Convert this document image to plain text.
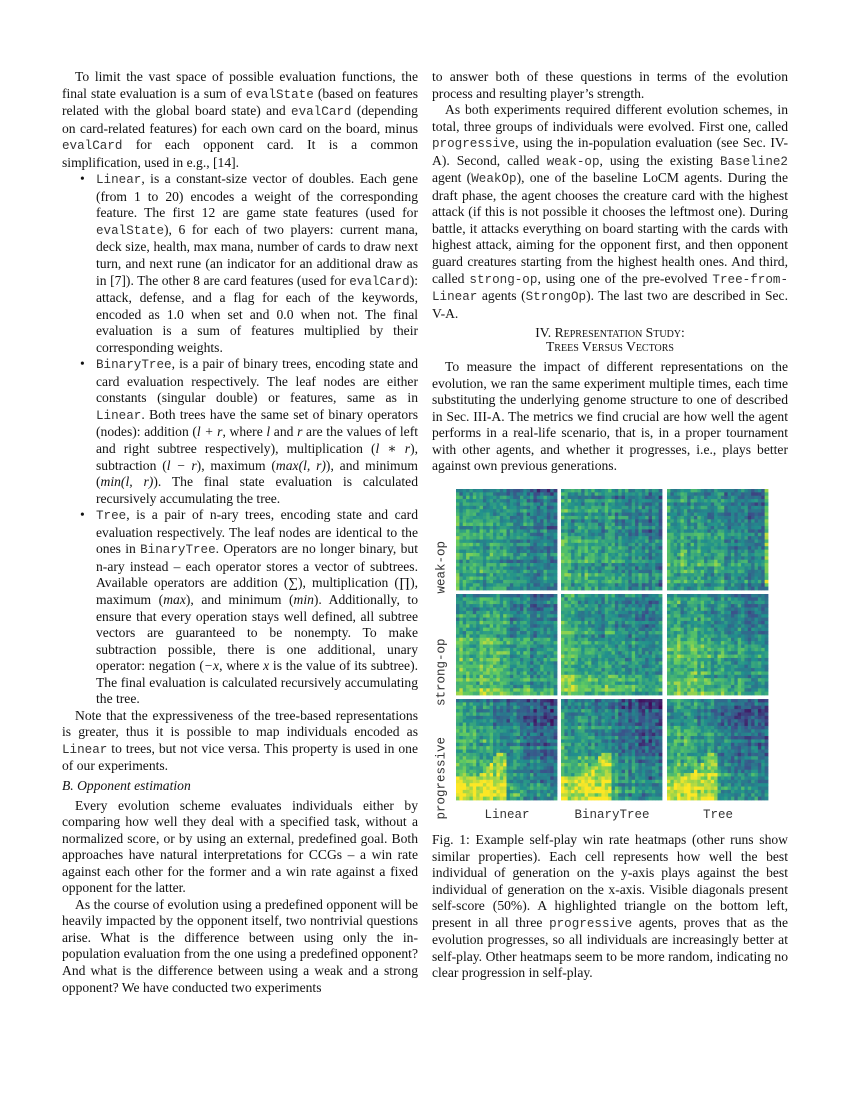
To limit the vast space of possible evaluation functions, the final state evaluation is a sum of evalState (based on features related with the global board state) and evalCard (depending on card-related features) for each own card on the board, minus evalCard for each opponent card. It is a common simplification, used in e.g., [14].

• Linear, is a constant-size vector of doubles. Each gene (from 1 to 20) encodes a weight of the corresponding feature. The first 12 are game state features (used for evalState), 6 for each of two players: current mana, deck size, health, max mana, number of cards to draw next turn, and next rune (an indicator for an additional draw as in [7]). The other 8 are card features (used for evalCard): attack, defense, and a flag for each of the keywords, encoded as 1.0 when set and 0.0 when not. The final evaluation is a sum of features multiplied by their corresponding weights.
• BinaryTree, is a pair of binary trees, encoding state and card evaluation respectively. The leaf nodes are either constants (singular double) or features, same as in Linear. Both trees have the same set of binary operators (nodes): addition (l + r, where l and r are the values of left and right subtree respectively), multiplication (l ∗ r), subtraction (l − r), maximum (max(l, r)), and minimum (min(l, r)). The final state evaluation is calculated recursively accumulating the tree.
• Tree, is a pair of n-ary trees, encoding state and card evaluation respectively. The leaf nodes are identical to the ones in BinaryTree. Operators are no longer binary, but n-ary instead – each operator stores a vector of subtrees. Available operators are addition (∑), multiplication (∏), maximum (max), and minimum (min). Additionally, to ensure that every operation stays well defined, all subtree vectors are guaranteed to be nonempty. To make subtraction possible, there is one additional, unary operator: negation (−x, where x is the value of its subtree). The final evaluation is calculated recursively accumulating the tree.

Note that the expressiveness of the tree-based representations is greater, thus it is possible to map individuals encoded as Linear to trees, but not vice versa. This property is used in one of our experiments.

B. Opponent estimation

Every evolution scheme evaluates individuals either by comparing how well they deal with a specified task, without a normalized score, or by using an external, predefined goal. Both approaches have natural interpretations for CCGs – a win rate against each other for the former and a win rate against a fixed opponent for the latter.

As the course of evolution using a predefined opponent will be heavily impacted by the opponent itself, two nontrivial questions arise. What is the difference between using only the in-population evaluation from the one using a predefined opponent? And what is the difference between using a weak and a strong opponent? We have conducted two experiments

to answer both of these questions in terms of the evolution process and resulting player’s strength.

As both experiments required different evolution schemes, in total, three groups of individuals were evolved. First one, called progressive, using the in-population evaluation (see Sec. IV-A). Second, called weak-op, using the existing Baseline2 agent (WeakOp), one of the baseline LoCM agents. During the draft phase, the agent chooses the creature card with the highest attack (if this is not possible it chooses the leftmost one). During battle, it attacks everything on board starting with the cards with highest attack, aiming for the opponent first, and then opponent guard creatures starting from the highest health ones. And third, called strong-op, using one of the pre-evolved Tree-from-Linear agents (StrongOp). The last two are described in Sec. V-A.

IV. Representation Study:
Trees Versus Vectors

To measure the impact of different representations on the evolution, we ran the same experiment multiple times, each time substituting the underlying genome structure to one of described in Sec. III-A. The metrics we find crucial are how well the agent performs in a real-life scenario, that is, in a proper tournament with other agents, and whether it progresses, i.e., plays better against own previous generations.

weak-op
strong-op
progressive	Linear	BinaryTree	Tree

Fig. 1: Example self-play win rate heatmaps (other runs show similar properties). Each cell represents how well the best individual of generation on the y-axis plays against the best individual of generation on the x-axis. Visible diagonals present self-score (50%). A highlighted triangle on the bottom left, present in all three progressive agents, proves that as the evolution progresses, so all individuals are increasingly better at self-play. Other heatmaps seem to be more random, indicating no clear progression in self-play.
